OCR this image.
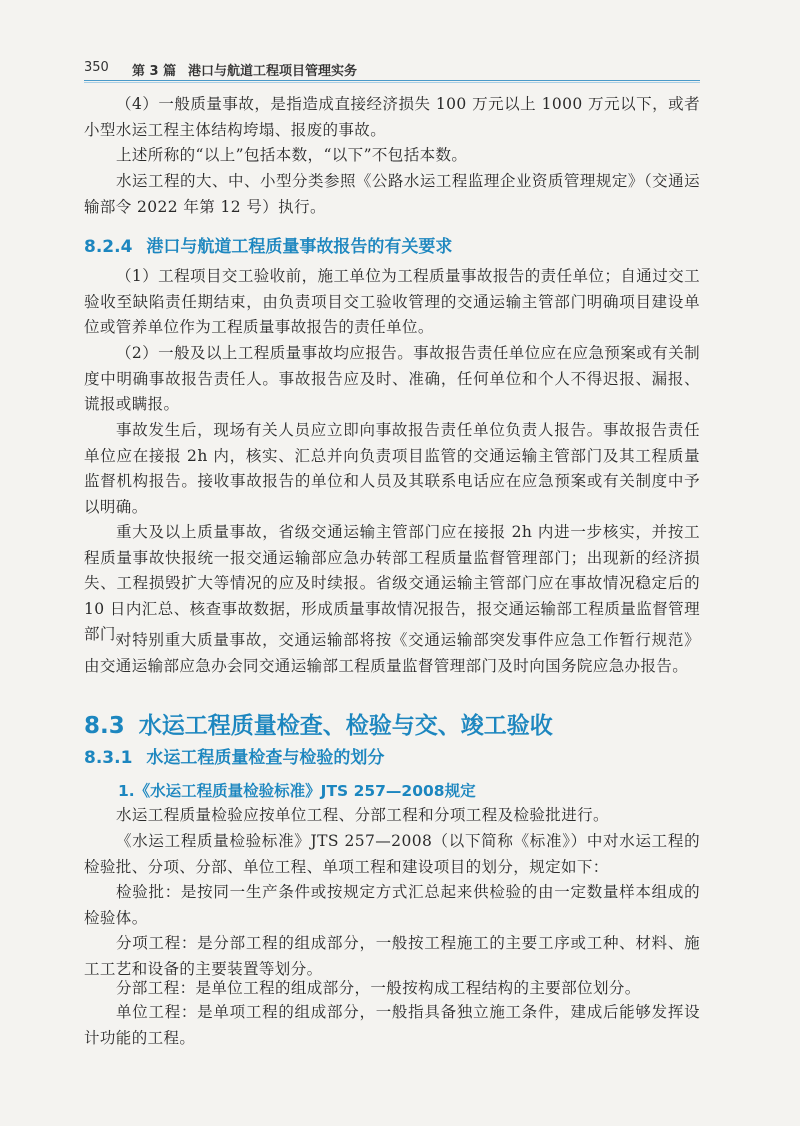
350 第 3 篇 港口与航道工程项目管理实务

（4）一般质量事故，是指造成直接经济损失 100 万元以上 1000 万元以下，或者小型水运工程主体结构垮塌、报废的事故。

上述所称的“以上”包括本数，“以下”不包括本数。

水运工程的大、中、小型分类参照《公路水运工程监理企业资质管理规定》（交通运输部令 2022 年第 12 号）执行。

8.2.4 港口与航道工程质量事故报告的有关要求

（1）工程项目交工验收前，施工单位为工程质量事故报告的责任单位；自通过交工验收至缺陷责任期结束，由负责项目交工验收管理的交通运输主管部门明确项目建设单位或管养单位作为工程质量事故报告的责任单位。

（2）一般及以上工程质量事故均应报告。事故报告责任单位应在应急预案或有关制度中明确事故报告责任人。事故报告应及时、准确，任何单位和个人不得迟报、漏报、谎报或瞒报。

事故发生后，现场有关人员应立即向事故报告责任单位负责人报告。事故报告责任单位应在接报 2h 内，核实、汇总并向负责项目监管的交通运输主管部门及其工程质量监督机构报告。接收事故报告的单位和人员及其联系电话应在应急预案或有关制度中予以明确。

重大及以上质量事故，省级交通运输主管部门应在接报 2h 内进一步核实，并按工程质量事故快报统一报交通运输部应急办转部工程质量监督管理部门；出现新的经济损失、工程损毁扩大等情况的应及时续报。省级交通运输主管部门应在事故情况稳定后的 10 日内汇总、核查事故数据，形成质量事故情况报告，报交通运输部工程质量监督管理部门。

对特别重大质量事故，交通运输部将按《交通运输部突发事件应急工作暂行规范》由交通运输部应急办会同交通运输部工程质量监督管理部门及时向国务院应急办报告。

8.3 水运工程质量检查、检验与交、竣工验收
8.3.1 水运工程质量检查与检验的划分
1.《水运工程质量检验标准》JTS 257—2008规定

水运工程质量检验应按单位工程、分部工程和分项工程及检验批进行。

《水运工程质量检验标准》JTS 257—2008（以下简称《标准》）中对水运工程的检验批、分项、分部、单位工程、单项工程和建设项目的划分，规定如下：

检验批：是按同一生产条件或按规定方式汇总起来供检验的由一定数量样本组成的检验体。

分项工程：是分部工程的组成部分，一般按工程施工的主要工序或工种、材料、施工工艺和设备的主要装置等划分。

分部工程：是单位工程的组成部分，一般按构成工程结构的主要部位划分。

单位工程：是单项工程的组成部分，一般指具备独立施工条件，建成后能够发挥设计功能的工程。
